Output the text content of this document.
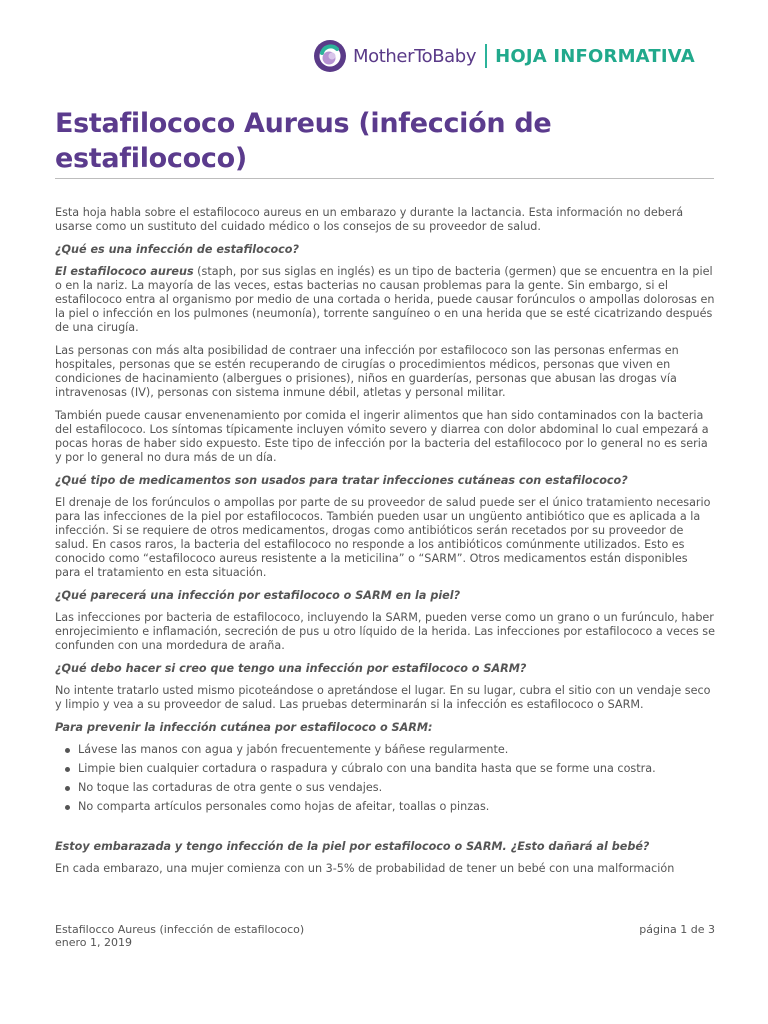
MotherToBaby HOJA INFORMATIVA
Estafilococo Aureus (infección de estafilococo)

Esta hoja habla sobre el estafilococo aureus en un embarazo y durante la lactancia. Esta información no deberá usarse como un sustituto del cuidado médico o los consejos de su proveedor de salud.

¿Qué es una infección de estafilococo?

El estafilococo aureus (staph, por sus siglas en inglés) es un tipo de bacteria (germen) que se encuentra en la piel o en la nariz. La mayoría de las veces, estas bacterias no causan problemas para la gente. Sin embargo, si el estafilococo entra al organismo por medio de una cortada o herida, puede causar forúnculos o ampollas dolorosas en la piel o infección en los pulmones (neumonía), torrente sanguíneo o en una herida que se esté cicatrizando después de una cirugía.

Las personas con más alta posibilidad de contraer una infección por estafilococo son las personas enfermas en hospitales, personas que se estén recuperando de cirugías o procedimientos médicos, personas que viven en condiciones de hacinamiento (albergues o prisiones), niños en guarderías, personas que abusan las drogas vía intravenosas (IV), personas con sistema inmune débil, atletas y personal militar.

También puede causar envenenamiento por comida el ingerir alimentos que han sido contaminados con la bacteria del estafilococo. Los síntomas típicamente incluyen vómito severo y diarrea con dolor abdominal lo cual empezará a pocas horas de haber sido expuesto. Este tipo de infección por la bacteria del estafilococo por lo general no es seria y por lo general no dura más de un día.

¿Qué tipo de medicamentos son usados para tratar infecciones cutáneas con estafilococo?

El drenaje de los forúnculos o ampollas por parte de su proveedor de salud puede ser el único tratamiento necesario para las infecciones de la piel por estafilococos. También pueden usar un ungüento antibiótico que es aplicada a la infección. Si se requiere de otros medicamentos, drogas como antibióticos serán recetados por su proveedor de salud. En casos raros, la bacteria del estafilococo no responde a los antibióticos comúnmente utilizados. Esto es conocido como “estafilococo aureus resistente a la meticilina” o “SARM”. Otros medicamentos están disponibles para el tratamiento en esta situación.

¿Qué parecerá una infección por estafilococo o SARM en la piel?

Las infecciones por bacteria de estafilococo, incluyendo la SARM, pueden verse como un grano o un furúnculo, haber enrojecimiento e inflamación, secreción de pus u otro líquido de la herida. Las infecciones por estafilococo a veces se confunden con una mordedura de araña.

¿Qué debo hacer si creo que tengo una infección por estafilococo o SARM?

No intente tratarlo usted mismo picoteándose o apretándose el lugar. En su lugar, cubra el sitio con un vendaje seco y limpio y vea a su proveedor de salud. Las pruebas determinarán si la infección es estafilococo o SARM.

Para prevenir la infección cutánea por estafilococo o SARM:

Lávese las manos con agua y jabón frecuentemente y báñese regularmente.
Limpie bien cualquier cortadura o raspadura y cúbralo con una bandita hasta que se forme una costra.
No toque las cortaduras de otra gente o sus vendajes.
No comparta artículos personales como hojas de afeitar, toallas o pinzas.

Estoy embarazada y tengo infección de la piel por estafilococo o SARM. ¿Esto dañará al bebé?

En cada embarazo, una mujer comienza con un 3-5% de probabilidad de tener un bebé con una malformación

Estafilocco Aureus (infección de estafilococo)
enero 1, 2019
página 1 de 3
